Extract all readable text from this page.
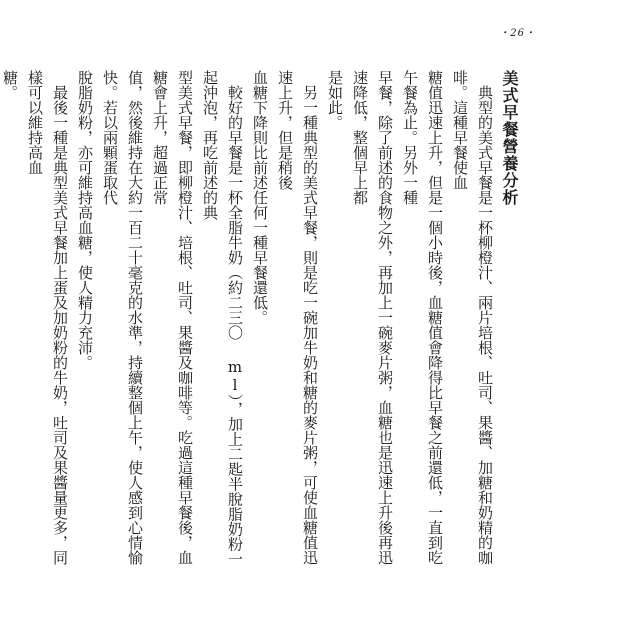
・26・
美式早餐營養分析

　典型的美式早餐是一杯柳橙汁、兩片培根、吐司、果醬、加糖和奶精的咖啡。這種早餐使血
糖值迅速上升，但是一個小時後，血糖值會降得比早餐之前還低，一直到吃午餐為止。另外一種
早餐，除了前述的食物之外，再加上一碗麥片粥，血糖也是迅速上升後再迅速降低，整個早上都
是如此。

　另一種典型的美式早餐，則是吃一碗加牛奶和糖的麥片粥，可使血糖值迅速上升，但是稍後
血糖下降則比前述任何一種早餐還低。

　較好的早餐是一杯全脂牛奶（約二三〇 ml），加上二匙半脫脂奶粉一起沖泡，再吃前述的典
型美式早餐，即柳橙汁、培根、吐司、果醬及咖啡等。吃過這種早餐後，血糖會上升，超過正常
值，然後維持在大約一百二十毫克的水準，持續整個上午，使人感到心情愉快。若以兩顆蛋取代
脫脂奶粉，亦可維持高血糖，使人精力充沛。

　最後一種是典型美式早餐加上蛋及加奶粉的牛奶，吐司及果醬量更多，同樣可以維持高血
糖。
